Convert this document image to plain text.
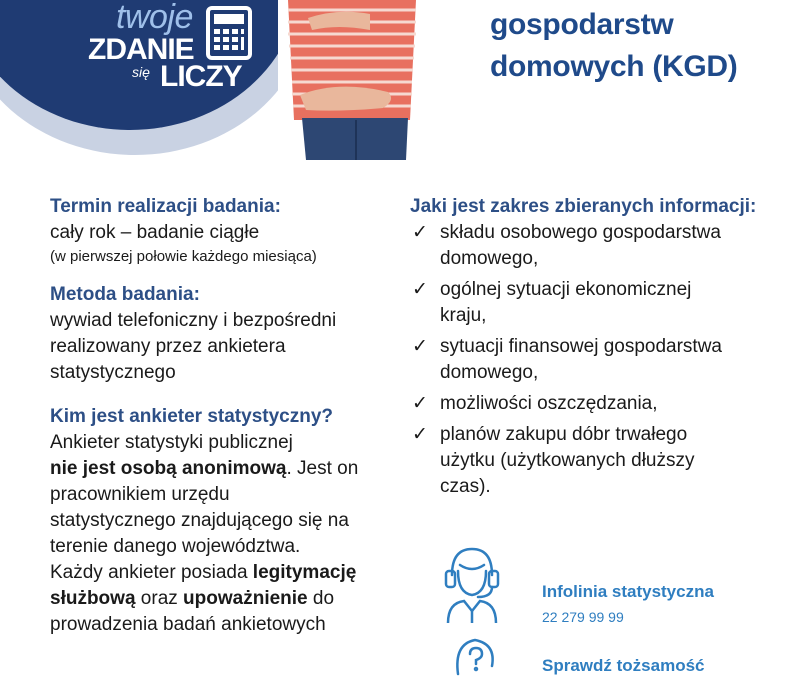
twoje
ZDANIE
się LICZY
gospodarstw
domowych (KGD)

Termin realizacji badania:

cały rok – badanie ciągłe

(w pierwszej połowie każdego miesiąca)

Metoda badania:

wywiad telefoniczny i bezpośredni

realizowany przez ankietera

statystycznego

Kim jest ankieter statystyczny?

Ankieter statystyki publicznej

nie jest osobą anonimową. Jest on

pracownikiem urzędu

statystycznego znajdującego się na

terenie danego województwa.

Każdy ankieter posiada legitymację

służbową oraz upoważnienie do

prowadzenia badań ankietowych

Jaki jest zakres zbieranych informacji:

✓ składu osobowego gospodarstwa
domowego,
✓ ogólnej sytuacji ekonomicznej
kraju,
✓ sytuacji finansowej gospodarstwa
domowego,
✓ możliwości oszczędzania,
✓ planów zakupu dóbr trwałego
użytku (użytkowanych dłuższy
czas).
Infolinia statystyczna
22 279 99 99
Sprawdź tożsamość
